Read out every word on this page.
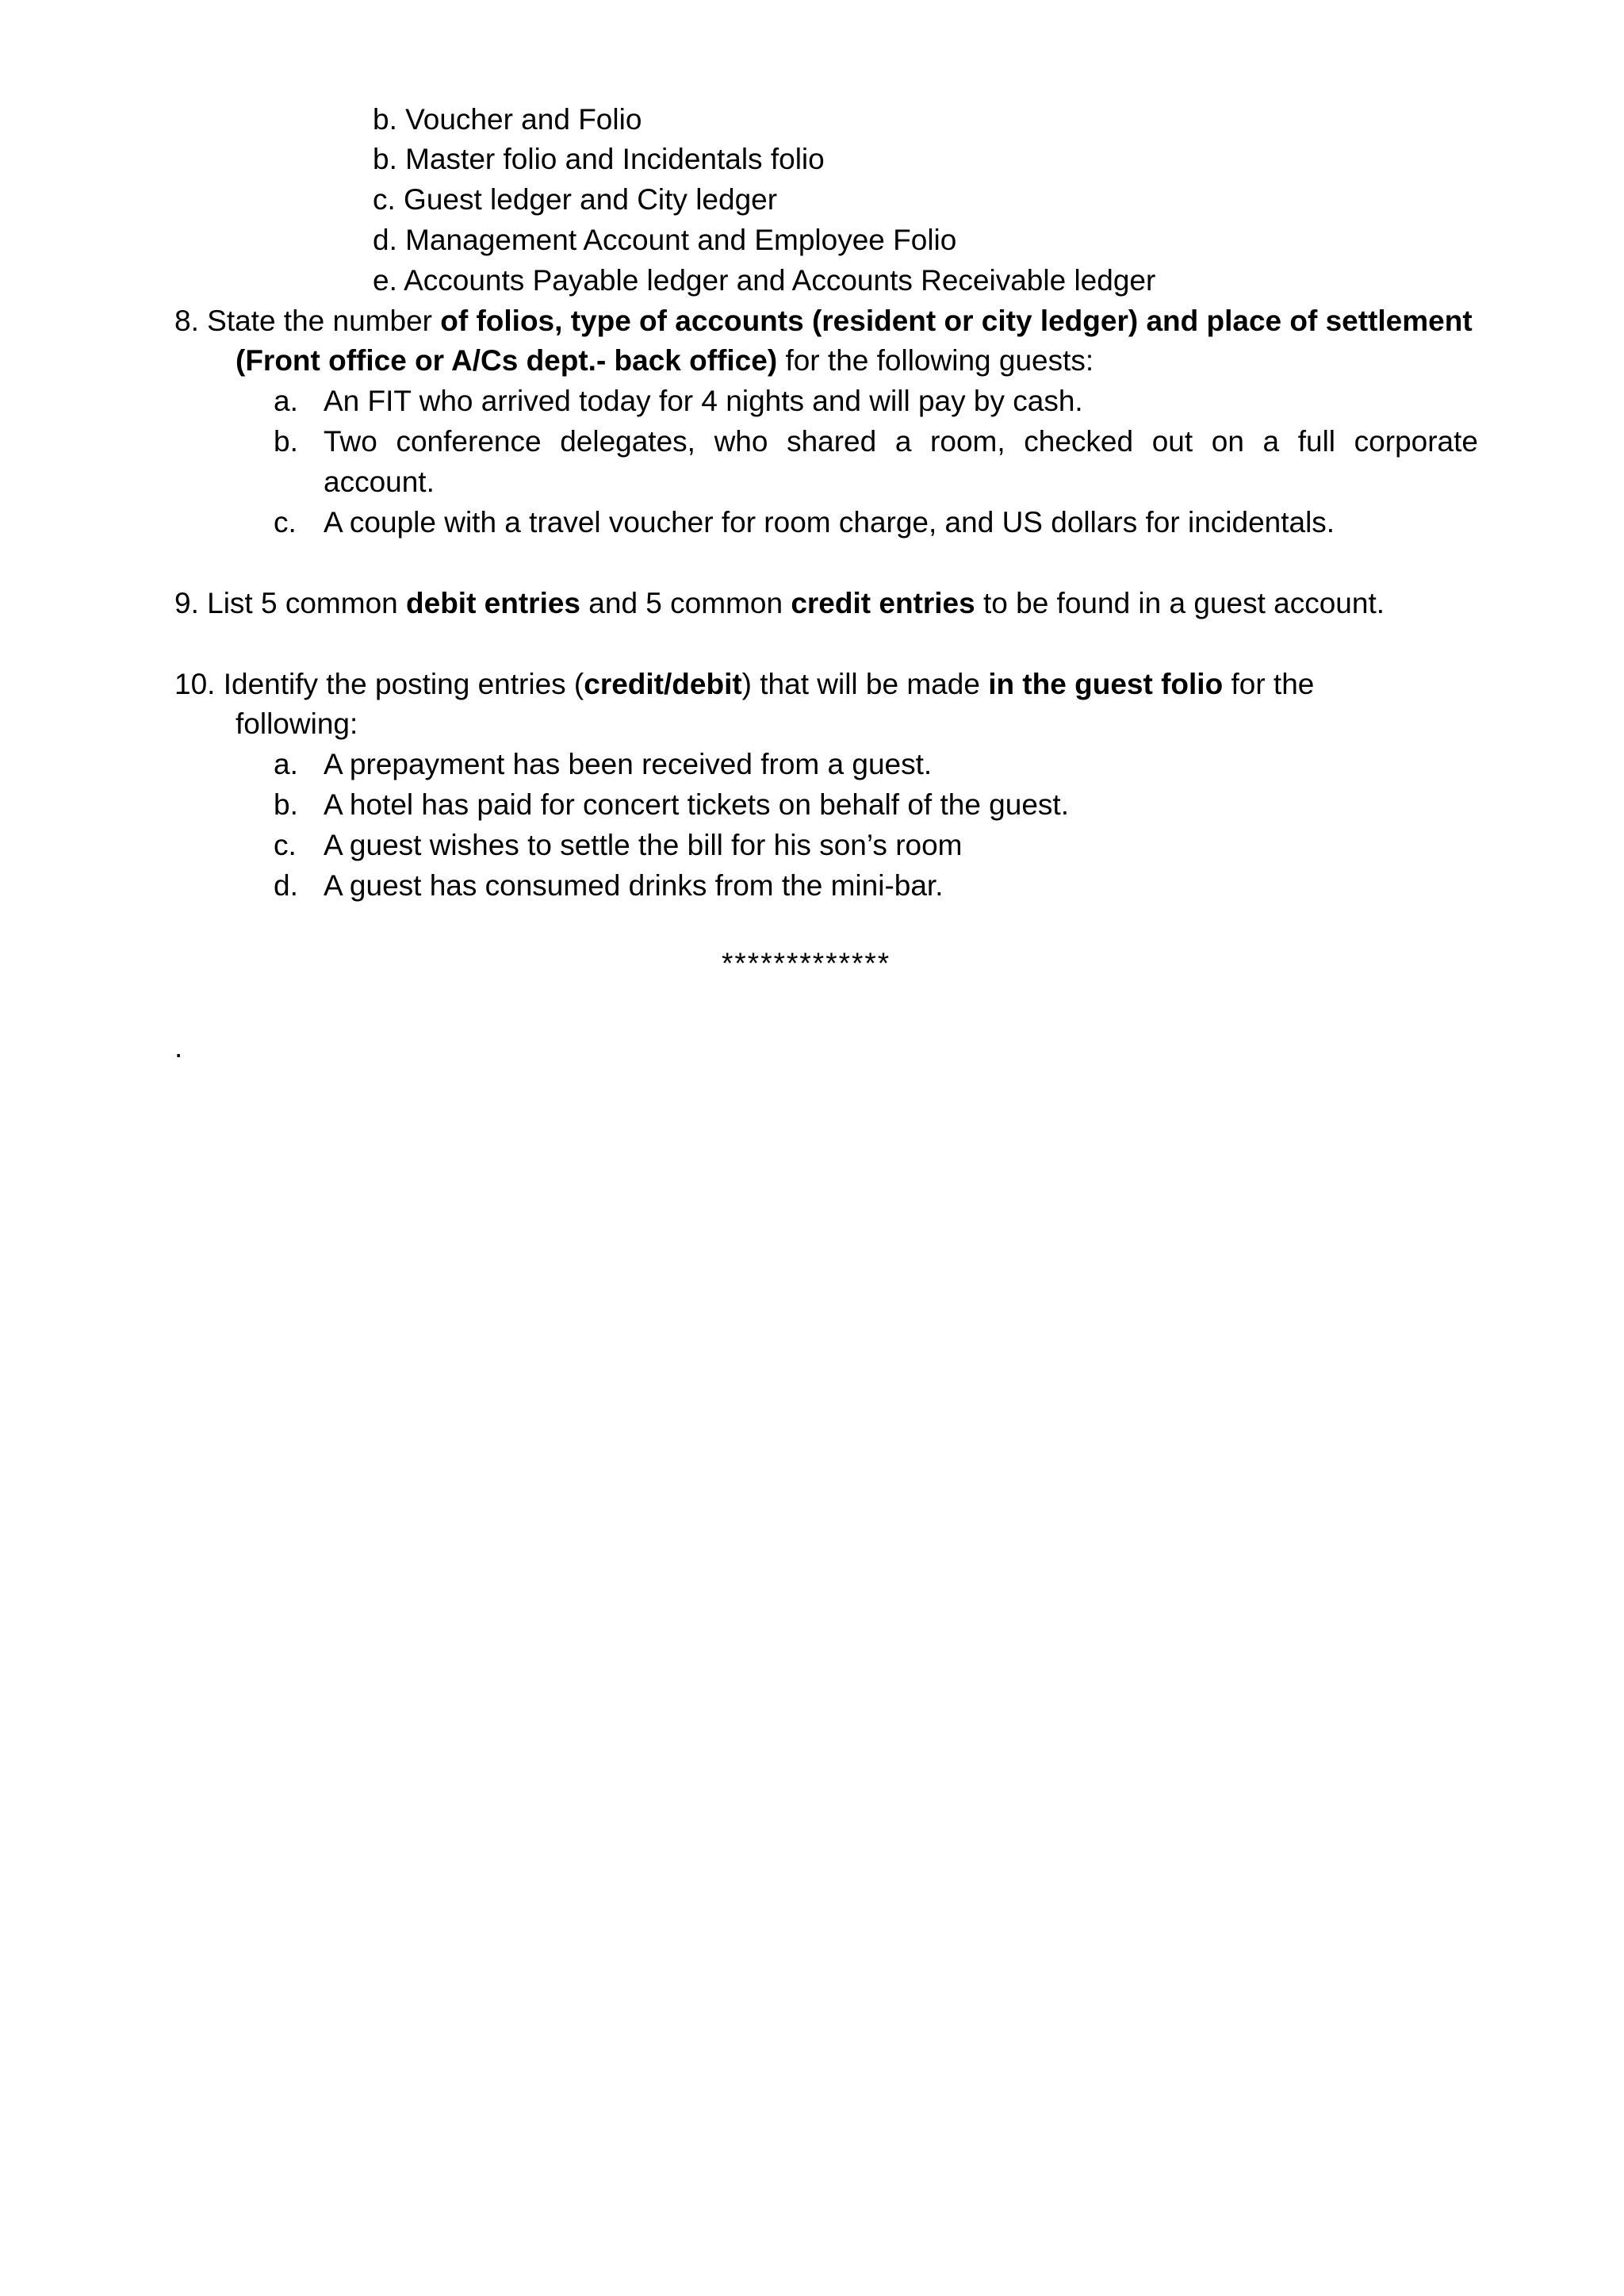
b. Voucher and Folio
b. Master folio and Incidentals folio
c. Guest ledger and City ledger
d. Management Account and Employee Folio
e. Accounts Payable ledger and Accounts Receivable ledger
8. State the number of folios, type of accounts (resident or city ledger) and place of settlement
(Front office or A/Cs dept.- back office) for the following guests:
a. An FIT who arrived today for 4 nights and will pay by cash.
b. Two conference delegates, who shared a room, checked out on a full corporate
account.
c. A couple with a travel voucher for room charge, and US dollars for incidentals.
9. List 5 common debit entries and 5 common credit entries to be found in a guest account.
10. Identify the posting entries (credit/debit) that will be made in the guest folio for the
following:
a. A prepayment has been received from a guest.
b. A hotel has paid for concert tickets on behalf of the guest.
c. A guest wishes to settle the bill for his son’s room
d. A guest has consumed drinks from the mini-bar.
*************
.
